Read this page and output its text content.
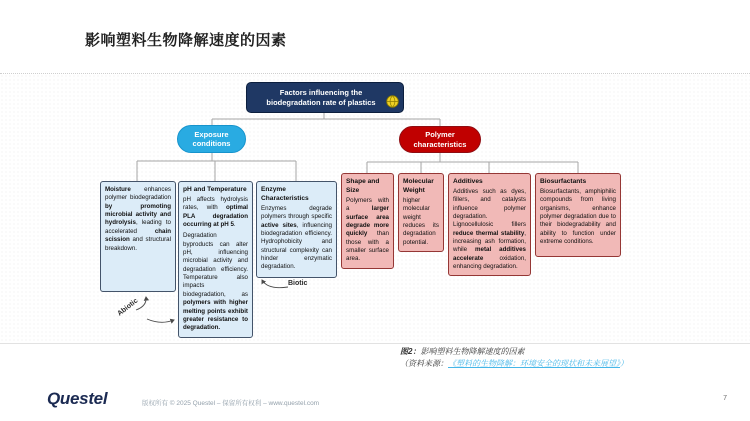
影响塑料生物降解速度的因素
Factors influencing the biodegradation rate of plastics
Exposure conditions
Polymer characteristics

Moisture enhances polymer biodegradation by promoting microbial activity and hydrolysis, leading to accelerated chain scission and structural breakdown.

pH and Temperature

pH affects hydrolysis rates, with optimal PLA degradation occurring at pH 5.

Degradation byproducts can alter pH, influencing microbial activity and degradation efficiency. Temperature also impacts biodegradation, as polymers with higher melting points exhibit greater resistance to degradation.

Enzyme Characteristics

Enzymes degrade polymers through specific active sites, influencing biodegradation efficiency. Hydrophobicity and structural complexity can hinder enzymatic degradation.

Shape and Size

Polymers with a larger surface area degrade more quickly than those with a smaller surface area.

Molecular Weight

higher molecular weight reduces its degradation potential.

Additives

Additives such as dyes, fillers, and catalysts influence polymer degradation. Lignocellulosic fillers reduce thermal stability, increasing ash formation, while metal additives accelerate oxidation, enhancing degradation.

Biosurfactants

Biosurfactants, amphiphilic compounds from living organisms, enhance polymer degradation due to their biodegradability and ability to function under extreme conditions.

Biotic
Abiotic
图2：影响塑料生物降解速度的因素
（资料来源：《塑料的生物降解：环境安全的现状和未来展望》）
Questel	版权所有 © 2025 Questel – 保留所有权利 – www.questel.com
7
